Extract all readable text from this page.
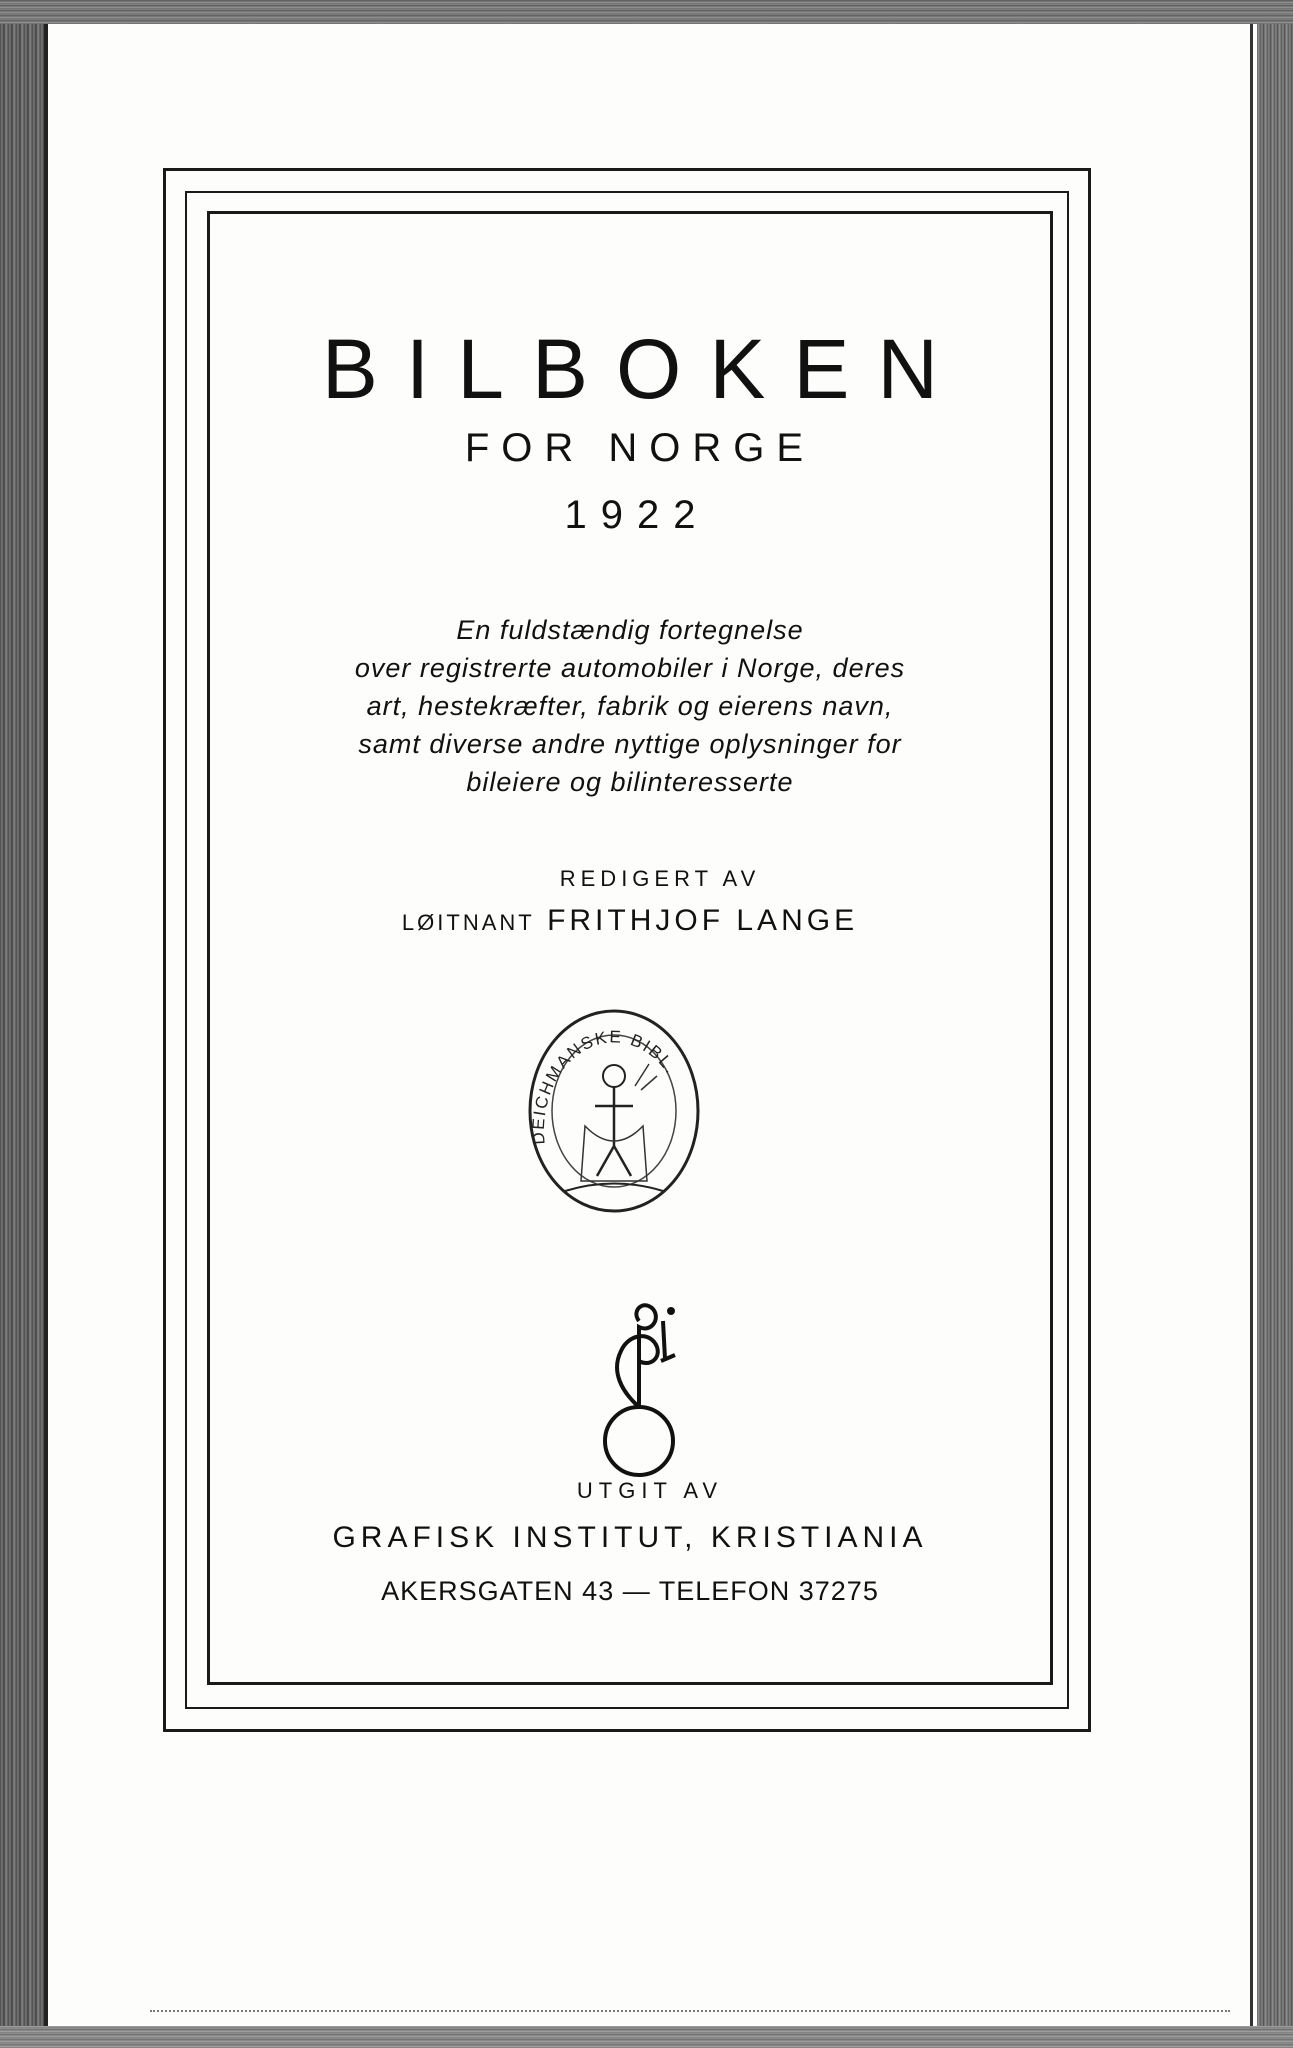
BILBOKEN
FOR NORGE
1922
En fuldstændig fortegnelse
over registrerte automobiler i Norge, deres
art, hestekræfter, fabrik og eierens navn,
samt diverse andre nyttige oplysninger for
bileiere og bilinteresserte
REDIGERT AV
LØITNANT FRITHJOF LANGE
DEICHMANSKE BIBL.
UTGIT AV
GRAFISK INSTITUT, KRISTIANIA
AKERSGATEN 43 — TELEFON 37275
